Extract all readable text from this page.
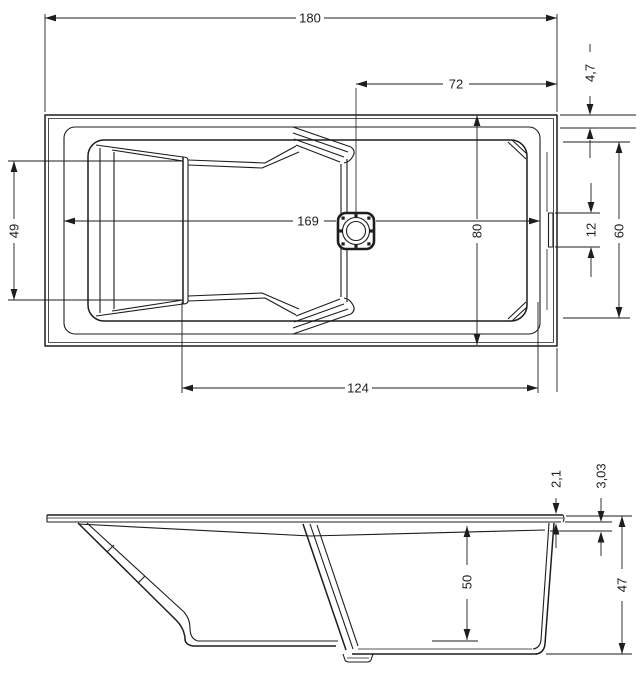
180
72
4,7
169
49	80	12 60
124
2,1 3,03
50	47
